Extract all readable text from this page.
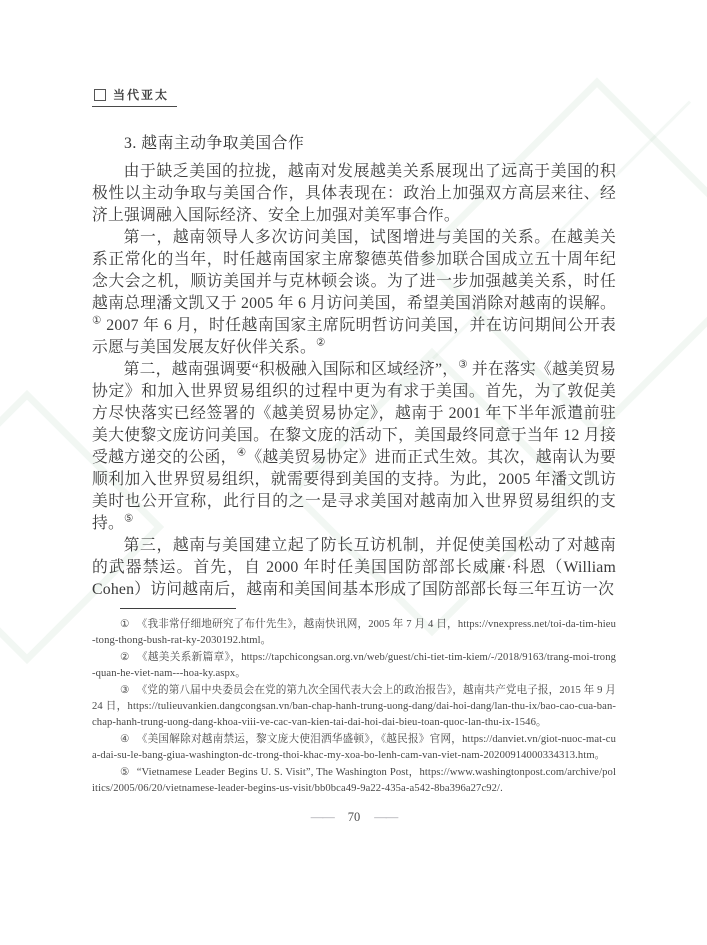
当代亚太
3. 越南主动争取美国合作

由于缺乏美国的拉拢，越南对发展越美关系展现出了远高于美国的积极性以主动争取与美国合作，具体表现在：政治上加强双方高层来往、经济上强调融入国际经济、安全上加强对美军事合作。

第一，越南领导人多次访问美国，试图增进与美国的关系。在越美关系正常化的当年，时任越南国家主席黎德英借参加联合国成立五十周年纪念大会之机，顺访美国并与克林顿会谈。为了进一步加强越美关系，时任越南总理潘文凯又于 2005 年 6 月访问美国，希望美国消除对越南的误解。① 2007 年 6 月，时任越南国家主席阮明哲访问美国，并在访问期间公开表示愿与美国发展友好伙伴关系。②

第二，越南强调要“积极融入国际和区域经济”，③ 并在落实《越美贸易协定》和加入世界贸易组织的过程中更为有求于美国。首先，为了敦促美方尽快落实已经签署的《越美贸易协定》，越南于 2001 年下半年派遣前驻美大使黎文庞访问美国。在黎文庞的活动下，美国最终同意于当年 12 月接受越方递交的公函，④《越美贸易协定》进而正式生效。其次，越南认为要顺利加入世界贸易组织，就需要得到美国的支持。为此，2005 年潘文凯访美时也公开宣称，此行目的之一是寻求美国对越南加入世界贸易组织的支持。⑤

第三，越南与美国建立起了防长互访机制，并促使美国松动了对越南的武器禁运。首先，自 2000 年时任美国国防部部长威廉·科恩（William Cohen）访问越南后，越南和美国间基本形成了国防部部长每三年互访一次

① 《我非常仔细地研究了布什先生》，越南快讯网，2005 年 7 月 4 日，https://vnexpress.net/toi-da-tim-hieu-tong-thong-bush-rat-ky-2030192.html。

② 《越美关系新篇章》，https://tapchicongsan.org.vn/web/guest/chi-tiet-tim-kiem/-/2018/9163/trang-moi-trong-quan-he-viet-nam---hoa-ky.aspx。

③ 《党的第八届中央委员会在党的第九次全国代表大会上的政治报告》，越南共产党电子报，2015 年 9 月 24 日，https://tulieuvankien.dangcongsan.vn/ban-chap-hanh-trung-uong-dang/dai-hoi-dang/lan-thu-ix/bao-cao-cua-ban-chap-hanh-trung-uong-dang-khoa-viii-ve-cac-van-kien-tai-dai-hoi-dai-bieu-toan-quoc-lan-thu-ix-1546。

④ 《美国解除对越南禁运，黎文庞大使泪洒华盛顿》，《越民报》官网，https://danviet.vn/giot-nuoc-mat-cua-dai-su-le-bang-giua-washington-dc-trong-thoi-khac-my-xoa-bo-lenh-cam-van-viet-nam-20200914000334313.htm。

⑤ “Vietnamese Leader Begins U. S. Visit”, The Washington Post，https://www.washingtonpost.com/archive/politics/2005/06/20/vietnamese-leader-begins-us-visit/bb0bca49-9a22-435a-a542-8ba396a27c92/.

—— 70 ——
